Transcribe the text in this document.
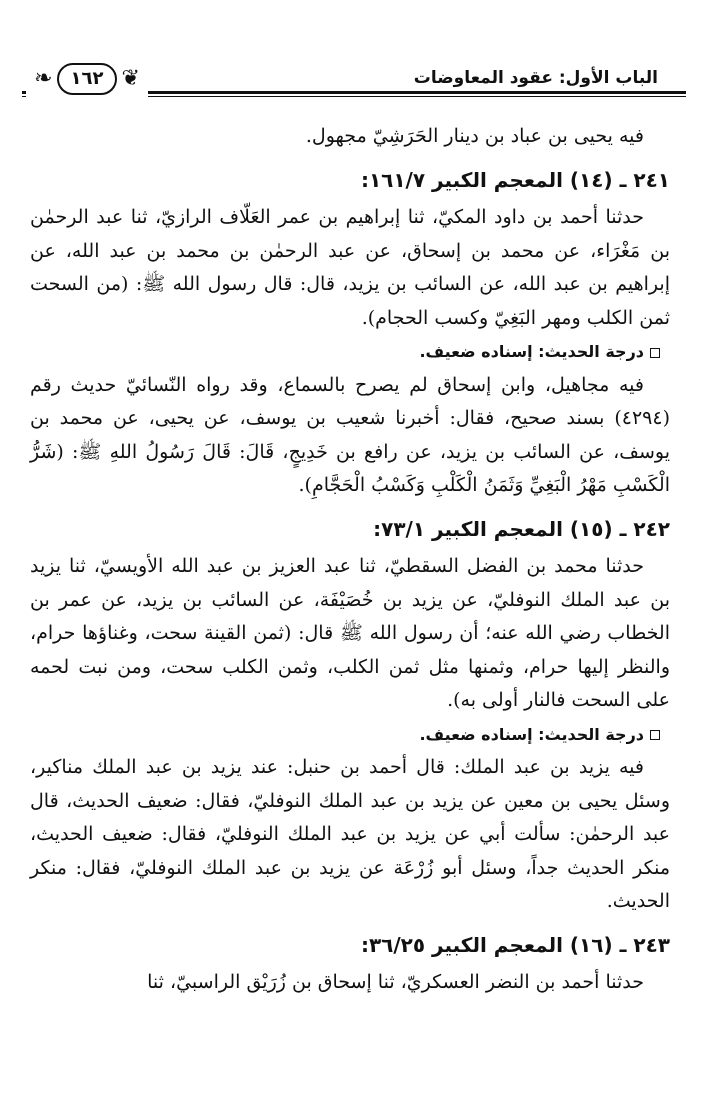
الباب الأول: عقود المعاوضات
❦
١٦٢
❧

فيه يحيى بن عباد بن دينار الحَرَشِيّ مجهول.

٢٤١ ـ (١٤) المعجم الكبير ١٦١/٧:

حدثنا أحمد بن داود المكيّ، ثنا إبراهيم بن عمر العَلّاف الرازيّ، ثنا عبد الرحمٰن بن مَغْرَاء، عن محمد بن إسحاق، عن عبد الرحمٰن بن محمد بن عبد الله، عن إبراهيم بن عبد الله، عن السائب بن يزيد، قال: قال رسول الله ﷺ: (من السحت ثمن الكلب ومهر البَغِيّ وكسب الحجام).

درجة الحديث: إسناده ضعيف.

فيه مجاهيل، وابن إسحاق لم يصرح بالسماع، وقد رواه النّسائيّ حديث رقم (٤٢٩٤) بسند صحيح، فقال: أخبرنا شعيب بن يوسف، عن يحيى، عن محمد بن يوسف، عن السائب بن يزيد، عن رافع بن خَدِيجٍ، قَالَ: قَالَ رَسُولُ اللهِ ﷺ: (شَرُّ الْكَسْبِ مَهْرُ الْبَغِيِّ وَثَمَنُ الْكَلْبِ وَكَسْبُ الْحَجَّامِ).

٢٤٢ ـ (١٥) المعجم الكبير ٧٣/١:

حدثنا محمد بن الفضل السقطيّ، ثنا عبد العزيز بن عبد الله الأويسيّ، ثنا يزيد بن عبد الملك النوفليّ، عن يزيد بن خُصَيْفَة، عن السائب بن يزيد، عن عمر بن الخطاب رضي الله عنه؛ أن رسول الله ﷺ قال: (ثمن القينة سحت، وغناؤها حرام، والنظر إليها حرام، وثمنها مثل ثمن الكلب، وثمن الكلب سحت، ومن نبت لحمه على السحت فالنار أولى به).

درجة الحديث: إسناده ضعيف.

فيه يزيد بن عبد الملك: قال أحمد بن حنبل: عند يزيد بن عبد الملك مناكير، وسئل يحيى بن معين عن يزيد بن عبد الملك النوفليّ، فقال: ضعيف الحديث، قال عبد الرحمٰن: سألت أبي عن يزيد بن عبد الملك النوفليّ، فقال: ضعيف الحديث، منكر الحديث جداً، وسئل أبو زُرْعَة عن يزيد بن عبد الملك النوفليّ، فقال: منكر الحديث.

٢٤٣ ـ (١٦) المعجم الكبير ٣٦/٢٥:

حدثنا أحمد بن النضر العسكريّ، ثنا إسحاق بن زُرَيْق الراسبيّ، ثنا
